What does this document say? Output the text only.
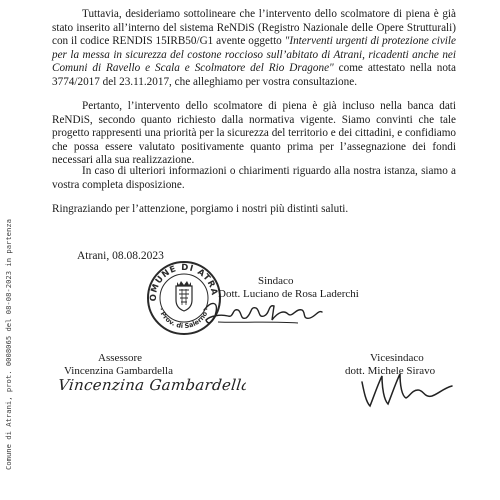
Comune di Atrani, prot. 0008065 del 08-08-2023 in partenza

Tuttavia, desideriamo sottolineare che l’intervento dello scolmatore di piena è già stato inserito all’interno del sistema ReNDiS (Registro Nazionale delle Opere Strutturali) con il codice RENDIS 15IRB50/G1 avente oggetto "Interventi urgenti di protezione civile per la messa in sicurezza del costone roccioso sull’abitato di Atrani, ricadenti anche nei Comuni di Ravello e Scala e Scolmatore del Rio Dragone" come attestato nella nota 3774/2017 del 23.11.2017, che alleghiamo per vostra consultazione.

Pertanto, l’intervento dello scolmatore di piena è già incluso nella banca dati ReNDiS, secondo quanto richiesto dalla normativa vigente. Siamo convinti che tale progetto rappresenti una priorità per la sicurezza del territorio e dei cittadini, e confidiamo che possa essere valutato positivamente quanto prima per l’assegnazione dei fondi necessari alla sua realizzazione.

In caso di ulteriori informazioni o chiarimenti riguardo alla nostra istanza, siamo a vostra completa disposizione.

Ringraziando per l’attenzione, porgiamo i nostri più distinti saluti.

Atrani, 08.08.2023
OMUNE DI ATRA
· Prov. di Salerno ·
Sindaco
Dott. Luciano de Rosa Laderchi
Assessore
Vincenzina Gambardella
Vincenzina Gambardella
Vicesindaco
dott. Michele Siravo
